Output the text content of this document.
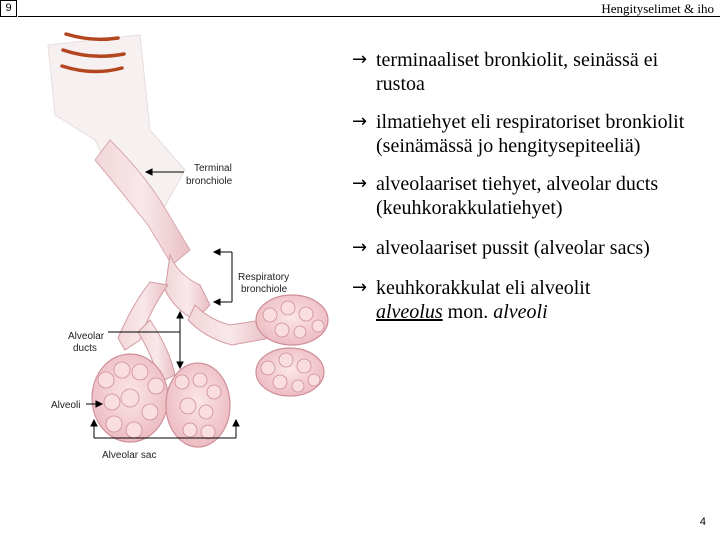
9	Hengityselimet & iho
Terminal
bronchiole
Respiratory
bronchiole
Alveolar
ducts
Alveoli
Alveolar sac
→ terminaaliset bronkiolit, seinässä ei rustoa
→ ilmatiehyet eli respiratoriset bronkiolit (seinämässä jo hengitysepiteeliä)
→ alveolaariset tiehyet, alveolar ducts (keuhkorakkulatiehyet)
→ alveolaariset pussit (alveolar sacs)
→ keuhkorakkulat eli alveolit
alveolus mon. alveoli
4
